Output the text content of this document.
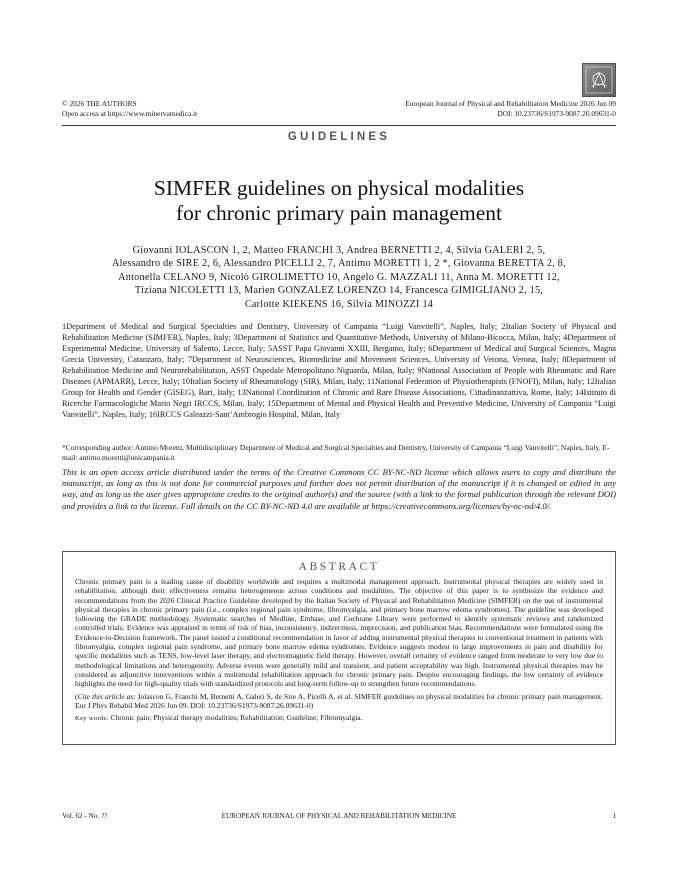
© 2026 THE AUTHORS
Open access at https://www.minervamedica.it
European Journal of Physical and Rehabilitation Medicine 2026 Jun 09
DOI: 10.23736/S1973-9087.26.09631-0
GUIDELINES
SIMFER guidelines on physical modalities
for chronic primary pain management
Giovanni IOLASCON 1, 2, Matteo FRANCHI 3, Andrea BERNETTI 2, 4, Silvia GALERI 2, 5,
Alessandro de SIRE 2, 6, Alessandro PICELLI 2, 7, Antimo MORETTI 1, 2 *, Giovanna BERETTA 2, 8,
Antonella CELANO 9, Nicolò GIROLIMETTO 10, Angelo G. MAZZALI 11, Anna M. MORETTI 12,
Tiziana NICOLETTI 13, Marien GONZALEZ LORENZO 14, Francesca GIMIGLIANO 2, 15,
Carlotte KIEKENS 16, Silvia MINOZZI 14
1Department of Medical and Surgical Specialties and Dentistry, University of Campania “Luigi Vanvitelli”, Naples, Italy; 2Italian Society of Physical and Rehabilitation Medicine (SIMFER), Naples, Italy; 3Department of Statistics and Quantitative Methods, University of Milano-Bicocca, Milan, Italy; 4Department of Experimental Medicine, University of Salento, Lecce, Italy; 5ASST Papa Giovanni XXIII, Bergamo, Italy; 6Department of Medical and Surgical Sciences, Magna Grecia University, Catanzaro, Italy; 7Department of Neurosciences, Biomedicine and Movement Sciences, University of Verona, Verona, Italy; 8Department of Rehabilitation Medicine and Neurorehabilitation, ASST Ospedale Metropolitano Niguarda, Milan, Italy; 9National Association of People with Rheumatic and Rare Diseases (APMARR), Lecce, Italy; 10Italian Society of Rheumatology (SIR), Milan, Italy; 11National Federation of Physiotherapists (FNOFI), Milan, Italy; 12Italian Group for Health and Gender (GISEG), Bari, Italy; 13National Coordination of Chronic and Rare Disease Associations, Cittadinanzattiva, Rome, Italy; 14Istituto di Ricerche Farmacologiche Mario Negri IRCCS, Milan, Italy; 15Department of Mental and Physical Health and Preventive Medicine, University of Campania “Luigi Vanvitelli”, Naples, Italy; 16IRCCS Galeazzi-Sant’Ambrogio Hospital, Milan, Italy
*Corresponding author: Antimo Moretti, Multidisciplinary Department of Medical and Surgical Specialties and Dentistry, University of Campania “Luigi Vanvitelli”, Naples, Italy. E-mail: antimo.moretti@unicampania.it
This is an open access article distributed under the terms of the Creative Commons CC BY-NC-ND license which allows users to copy and distribute the manuscript, as long as this is not done for commercial purposes and further does not permit distribution of the manuscript if it is changed or edited in any way, and as long as the user gives appropriate credits to the original author(s) and the source (with a link to the formal publication through the relevant DOI) and provides a link to the license. Full details on the CC BY-NC-ND 4.0 are available at https://creativecommons.org/licenses/by-nc-nd/4.0/.
ABSTRACT
Chronic primary pain is a leading cause of disability worldwide and requires a multimodal management approach. Instrumental physical therapies are widely used in rehabilitation, although their effectiveness remains heterogeneous across conditions and modalities. The objective of this paper is to synthesize the evidence and recommendations from the 2026 Clinical Practice Guideline developed by the Italian Society of Physical and Rehabilitation Medicine (SIMFER) on the use of instrumental physical therapies in chronic primary pain (i.e., complex regional pain syndrome, fibromyalgia, and primary bone marrow edema syndromes). The guideline was developed following the GRADE methodology. Systematic searches of Medline, Embase, and Cochrane Library were performed to identify systematic reviews and randomized controlled trials. Evidence was appraised in terms of risk of bias, inconsistency, indirectness, imprecision, and publication bias. Recommendations were formulated using the Evidence-to-Decision framework. The panel issued a conditional recommendation in favor of adding instrumental physical therapies to conventional treatment in patients with fibromyalgia, complex regional pain syndrome, and primary bone marrow edema syndromes. Evidence suggests modest to large improvements in pain and disability for specific modalities such as TENS, low-level laser therapy, and electromagnetic field therapy. However, overall certainty of evidence ranged from moderate to very low due to methodological limitations and heterogeneity. Adverse events were generally mild and transient, and patient acceptability was high. Instrumental physical therapies may be considered as adjunctive interventions within a multimodal rehabilitation approach for chronic primary pain. Despite encouraging findings, the low certainty of evidence highlights the need for high-quality trials with standardized protocols and long-term follow-up to strengthen future recommendations.
(Cite this article as: Iolascon G, Franchi M, Bernetti A, Galeri S, de Sire A, Picelli A, et al. SIMFER guidelines on physical modalities for chronic primary pain management. Eur J Phys Rehabil Med 2026 Jun 09. DOI: 10.23736/S1973-9087.26.09631-0)
Key words: Chronic pain; Physical therapy modalities; Rehabilitation; Guideline; Fibromyalgia.
Vol. 62 - No. ??	EUROPEAN JOURNAL OF PHYSICAL AND REHABILITATION MEDICINE	1
